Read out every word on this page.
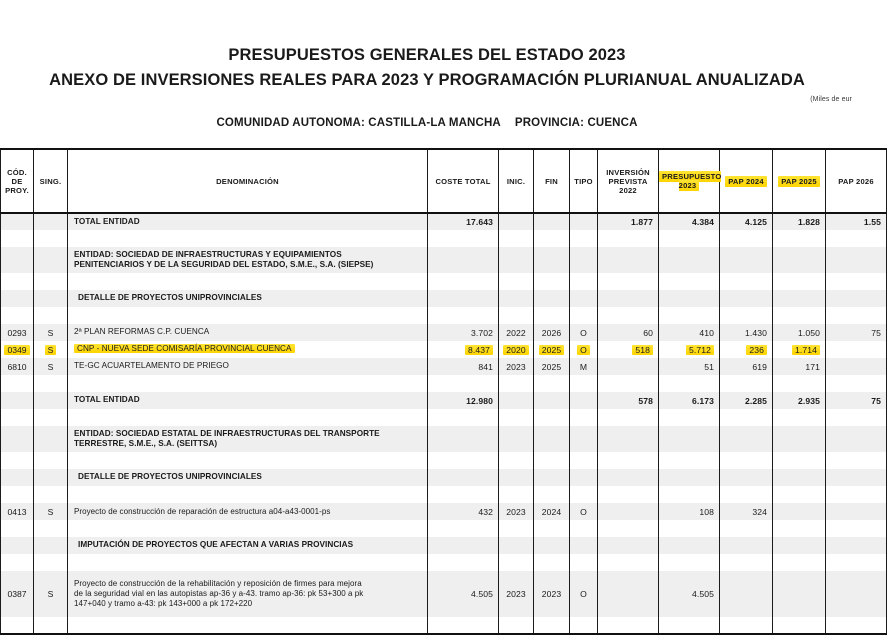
PRESUPUESTOS GENERALES DEL ESTADO 2023
ANEXO DE INVERSIONES REALES PARA 2023 Y PROGRAMACIÓN PLURIANUAL ANUALIZADA
COMUNIDAD AUTONOMA: CASTILLA-LA MANCHA PROVINCIA: CUENCA
(Miles de eur
CÓD.
DE
PROY.	SING.	DENOMINACIÓN	COSTE TOTAL	INIC.	FIN	TIPO	INVERSIÓN
PREVISTA
2022	PRESUPUESTO
2023	PAP 2024	PAP 2025	PAP 2026

		TOTAL ENTIDAD	17.643				1.877	4.384	4.125	1.828	1.55

		ENTIDAD: SOCIEDAD DE INFRAESTRUCTURAS Y EQUIPAMIENTOS
PENITENCIARIOS Y DE LA SEGURIDAD DEL ESTADO, S.M.E., S.A. (SIEPSE)									

		DETALLE DE PROYECTOS UNIPROVINCIALES									

0293	S	2ª PLAN REFORMAS C.P. CUENCA	3.702	2022	2026	O	60	410	1.430	1.050	75

0349	S	CNP - NUEVA SEDE COMISARÍA PROVINCIAL CUENCA	8.437	2020	2025	O	518	5.712	236	1.714	

6810	S	TE-GC ACUARTELAMENTO DE PRIEGO	841	2023	2025	M		51	619	171	

		TOTAL ENTIDAD	12.980				578	6.173	2.285	2.935	75

		ENTIDAD: SOCIEDAD ESTATAL DE INFRAESTRUCTURAS DEL TRANSPORTE
TERRESTRE, S.M.E., S.A. (SEITTSA)									

		DETALLE DE PROYECTOS UNIPROVINCIALES									

0413	S	Proyecto de construcción de reparación de estructura a04-a43-0001-ps	432	2023	2024	O		108	324		

		IMPUTACIÓN DE PROYECTOS QUE AFECTAN A VARIAS PROVINCIAS									

0387	S	Proyecto de construcción de la rehabilitación y reposición de firmes para mejora
de la seguridad vial en las autopistas ap-36 y a-43. tramo ap-36: pk 53+300 a pk
147+040 y tramo a-43: pk 143+000 a pk 172+220	4.505	2023	2023	O		4.505			
